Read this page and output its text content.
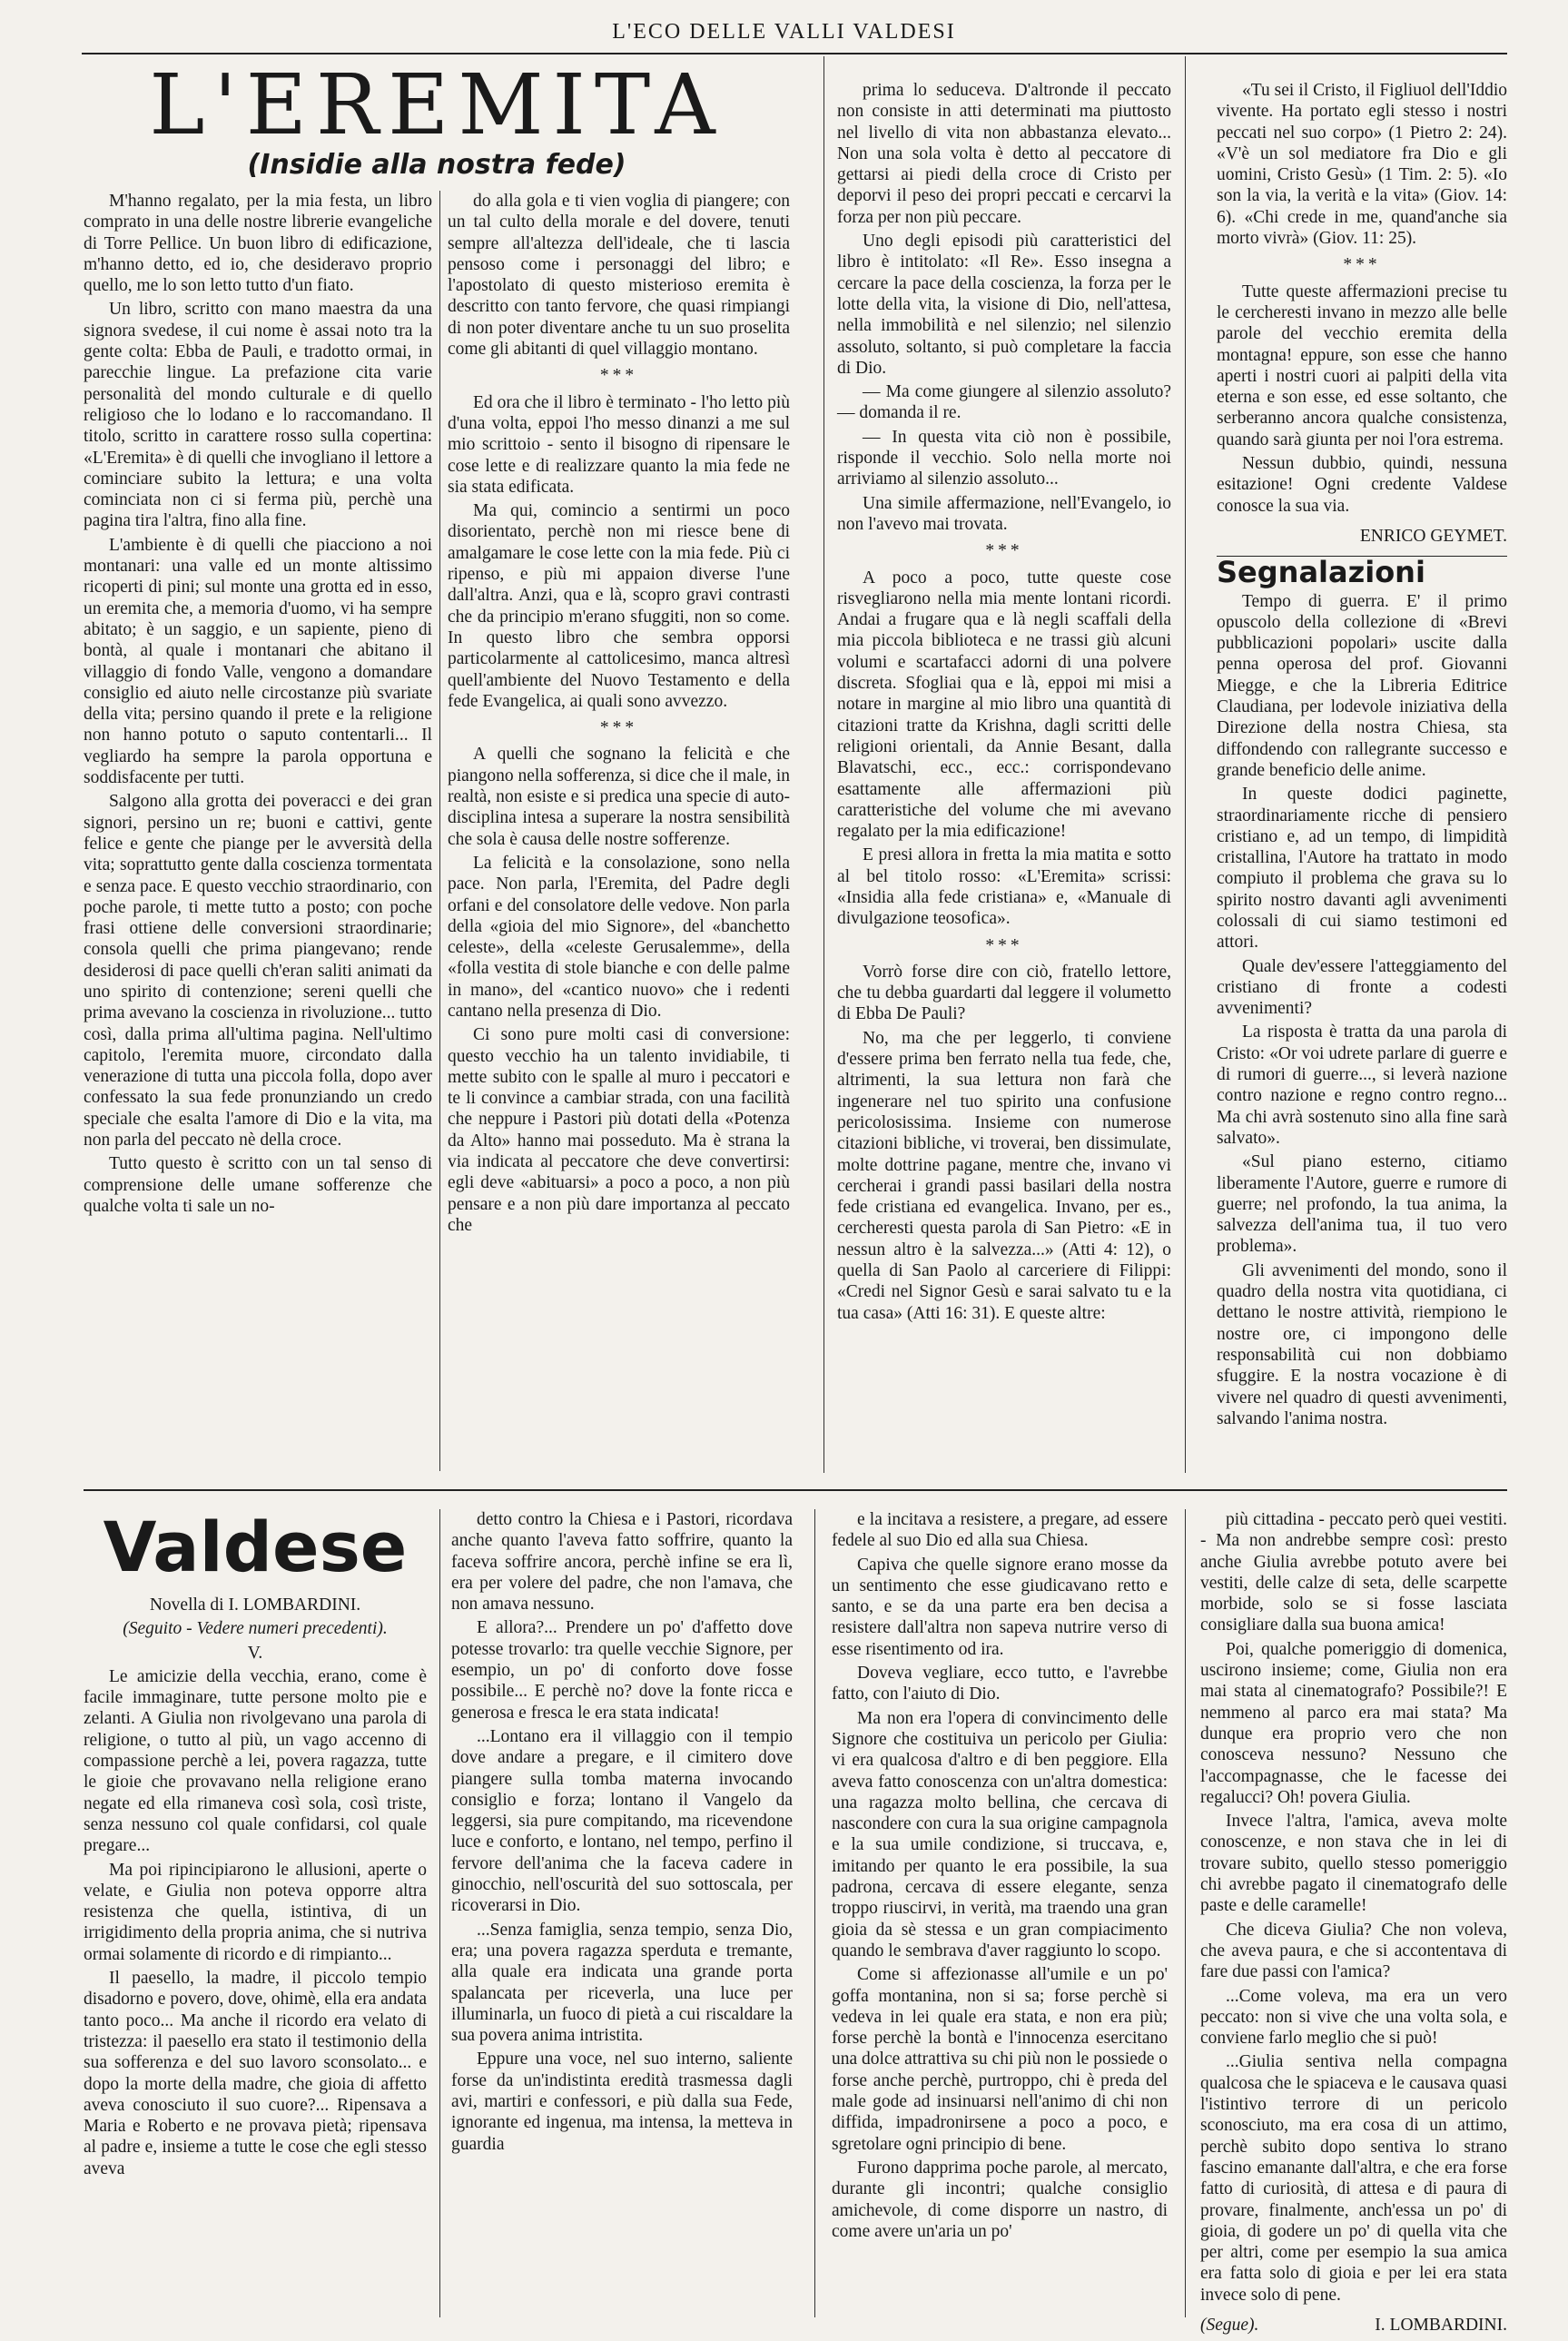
L'ECO DELLE VALLI VALDESI
L'EREMITA
(Insidie alla nostra fede)

M'hanno regalato, per la mia festa, un libro comprato in una delle nostre librerie evangeliche di Torre Pellice. Un buon libro di edificazione, m'hanno detto, ed io, che desideravo proprio quello, me lo son letto tutto d'un fiato.

Un libro, scritto con mano maestra da una signora svedese, il cui nome è assai noto tra la gente colta: Ebba de Pauli, e tradotto ormai, in parecchie lingue. La prefazione cita varie personalità del mondo culturale e di quello religioso che lo lodano e lo raccomandano. Il titolo, scritto in carattere rosso sulla copertina: «L'Eremita» è di quelli che invogliano il lettore a cominciare subito la lettura; e una volta cominciata non ci si ferma più, perchè una pagina tira l'altra, fino alla fine.

L'ambiente è di quelli che piacciono a noi montanari: una valle ed un monte altissimo ricoperti di pini; sul monte una grotta ed in esso, un eremita che, a memoria d'uomo, vi ha sempre abitato; è un saggio, e un sapiente, pieno di bontà, al quale i montanari che abitano il villaggio di fondo Valle, vengono a domandare consiglio ed aiuto nelle circostanze più svariate della vita; persino quando il prete e la religione non hanno potuto o saputo contentarli... Il vegliardo ha sempre la parola opportuna e soddisfacente per tutti.

Salgono alla grotta dei poveracci e dei gran signori, persino un re; buoni e cattivi, gente felice e gente che piange per le avversità della vita; soprattutto gente dalla coscienza tormentata e senza pace. E questo vecchio straordinario, con poche parole, ti mette tutto a posto; con poche frasi ottiene delle conversioni straordinarie; consola quelli che prima piangevano; rende desiderosi di pace quelli ch'eran saliti animati da uno spirito di contenzione; sereni quelli che prima avevano la coscienza in rivoluzione... tutto così, dalla prima all'ultima pagina. Nell'ultimo capitolo, l'eremita muore, circondato dalla venerazione di tutta una piccola folla, dopo aver confessato la sua fede pronunziando un credo speciale che esalta l'amore di Dio e la vita, ma non parla del peccato nè della croce.

Tutto questo è scritto con un tal senso di comprensione delle umane sofferenze che qualche volta ti sale un no-

do alla gola e ti vien voglia di piangere; con un tal culto della morale e del dovere, tenuti sempre all'altezza dell'ideale, che ti lascia pensoso come i personaggi del libro; e l'apostolato di questo misterioso eremita è descritto con tanto fervore, che quasi rimpiangi di non poter diventare anche tu un suo proselita come gli abitanti di quel villaggio montano.

***

Ed ora che il libro è terminato - l'ho letto più d'una volta, eppoi l'ho messo dinanzi a me sul mio scrittoio - sento il bisogno di ripensare le cose lette e di realizzare quanto la mia fede ne sia stata edificata.

Ma qui, comincio a sentirmi un poco disorientato, perchè non mi riesce bene di amalgamare le cose lette con la mia fede. Più ci ripenso, e più mi appaion diverse l'une dall'altra. Anzi, qua e là, scopro gravi contrasti che da principio m'erano sfuggiti, non so come. In questo libro che sembra opporsi particolarmente al cattolicesimo, manca altresì quell'ambiente del Nuovo Testamento e della fede Evangelica, ai quali sono avvezzo.

***

A quelli che sognano la felicità e che piangono nella sofferenza, si dice che il male, in realtà, non esiste e si predica una specie di auto-disciplina intesa a superare la nostra sensibilità che sola è causa delle nostre sofferenze.

La felicità e la consolazione, sono nella pace. Non parla, l'Eremita, del Padre degli orfani e del consolatore delle vedove. Non parla della «gioia del mio Signore», del «banchetto celeste», della «celeste Gerusalemme», della «folla vestita di stole bianche e con delle palme in mano», del «cantico nuovo» che i redenti cantano nella presenza di Dio.

Ci sono pure molti casi di conversione: questo vecchio ha un talento invidiabile, ti mette subito con le spalle al muro i peccatori e te li convince a cambiar strada, con una facilità che neppure i Pastori più dotati della «Potenza da Alto» hanno mai posseduto. Ma è strana la via indicata al peccatore che deve convertirsi: egli deve «abituarsi» a poco a poco, a non più pensare e a non più dare importanza al peccato che

prima lo seduceva. D'altronde il peccato non consiste in atti determinati ma piuttosto nel livello di vita non abbastanza elevato... Non una sola volta è detto al peccatore di gettarsi ai piedi della croce di Cristo per deporvi il peso dei propri peccati e cercarvi la forza per non più peccare.

Uno degli episodi più caratteristici del libro è intitolato: «Il Re». Esso insegna a cercare la pace della coscienza, la forza per le lotte della vita, la visione di Dio, nell'attesa, nella immobilità e nel silenzio; nel silenzio assoluto, soltanto, si può completare la faccia di Dio.

— Ma come giungere al silenzio assoluto? — domanda il re.

— In questa vita ciò non è possibile, risponde il vecchio. Solo nella morte noi arriviamo al silenzio assoluto...

Una simile affermazione, nell'Evangelo, io non l'avevo mai trovata.

***

A poco a poco, tutte queste cose risvegliarono nella mia mente lontani ricordi. Andai a frugare qua e là negli scaffali della mia piccola biblioteca e ne trassi giù alcuni volumi e scartafacci adorni di una polvere discreta. Sfogliai qua e là, eppoi mi misi a notare in margine al mio libro una quantità di citazioni tratte da Krishna, dagli scritti delle religioni orientali, da Annie Besant, dalla Blavatschi, ecc., ecc.: corrispondevano esattamente alle affermazioni più caratteristiche del volume che mi avevano regalato per la mia edificazione!

E presi allora in fretta la mia matita e sotto al bel titolo rosso: «L'Eremita» scrissi: «Insidia alla fede cristiana» e, «Manuale di divulgazione teosofica».

***

Vorrò forse dire con ciò, fratello lettore, che tu debba guardarti dal leggere il volumetto di Ebba De Pauli?

No, ma che per leggerlo, ti conviene d'essere prima ben ferrato nella tua fede, che, altrimenti, la sua lettura non farà che ingenerare nel tuo spirito una confusione pericolosissima. Insieme con numerose citazioni bibliche, vi troverai, ben dissimulate, molte dottrine pagane, mentre che, invano vi cercherai i grandi passi basilari della nostra fede cristiana ed evangelica. Invano, per es., cercheresti questa parola di San Pietro: «E in nessun altro è la salvezza...» (Atti 4: 12), o quella di San Paolo al carceriere di Filippi: «Credi nel Signor Gesù e sarai salvato tu e la tua casa» (Atti 16: 31). E queste altre:

«Tu sei il Cristo, il Figliuol dell'Iddio vivente. Ha portato egli stesso i nostri peccati nel suo corpo» (1 Pietro 2: 24). «V'è un sol mediatore fra Dio e gli uomini, Cristo Gesù» (1 Tim. 2: 5). «Io son la via, la verità e la vita» (Giov. 14: 6). «Chi crede in me, quand'anche sia morto vivrà» (Giov. 11: 25).

***

Tutte queste affermazioni precise tu le cercheresti invano in mezzo alle belle parole del vecchio eremita della montagna! eppure, son esse che hanno aperti i nostri cuori ai palpiti della vita eterna e son esse, ed esse soltanto, che serberanno ancora qualche consistenza, quando sarà giunta per noi l'ora estrema.

Nessun dubbio, quindi, nessuna esitazione! Ogni credente Valdese conosce la sua via.

ENRICO GEYMET.
Segnalazioni

Tempo di guerra. E' il primo opuscolo della collezione di «Brevi pubblicazioni popolari» uscite dalla penna operosa del prof. Giovanni Miegge, e che la Libreria Editrice Claudiana, per lodevole iniziativa della Direzione della nostra Chiesa, sta diffondendo con rallegrante successo e grande beneficio delle anime.

In queste dodici paginette, straordinariamente ricche di pensiero cristiano e, ad un tempo, di limpidità cristallina, l'Autore ha trattato in modo compiuto il problema che grava su lo spirito nostro davanti agli avvenimenti colossali di cui siamo testimoni ed attori.

Quale dev'essere l'atteggiamento del cristiano di fronte a codesti avvenimenti?

La risposta è tratta da una parola di Cristo: «Or voi udrete parlare di guerre e di rumori di guerre..., si leverà nazione contro nazione e regno contro regno... Ma chi avrà sostenuto sino alla fine sarà salvato».

«Sul piano esterno, citiamo liberamente l'Autore, guerre e rumore di guerre; nel profondo, la tua anima, la salvezza dell'anima tua, il tuo vero problema».

Gli avvenimenti del mondo, sono il quadro della nostra vita quotidiana, ci dettano le nostre attività, riempiono le nostre ore, ci impongono delle responsabilità cui non dobbiamo sfuggire. E la nostra vocazione è di vivere nel quadro di questi avvenimenti, salvando l'anima nostra.

Valdese

Novella di I. LOMBARDINI.

(Seguito - Vedere numeri precedenti).

V.

Le amicizie della vecchia, erano, come è facile immaginare, tutte persone molto pie e zelanti. A Giulia non rivolgevano una parola di religione, o tutto al più, un vago accenno di compassione perchè a lei, povera ragazza, tutte le gioie che provavano nella religione erano negate ed ella rimaneva così sola, così triste, senza nessuno col quale confidarsi, col quale pregare...

Ma poi ripincipiarono le allusioni, aperte o velate, e Giulia non poteva opporre altra resistenza che quella, istintiva, di un irrigidimento della propria anima, che si nutriva ormai solamente di ricordo e di rimpianto...

Il paesello, la madre, il piccolo tempio disadorno e povero, dove, ohimè, ella era andata tanto poco... Ma anche il ricordo era velato di tristezza: il paesello era stato il testimonio della sua sofferenza e del suo lavoro sconsolato... e dopo la morte della madre, che gioia di affetto aveva conosciuto il suo cuore?... Ripensava a Maria e Roberto e ne provava pietà; ripensava al padre e, insieme a tutte le cose che egli stesso aveva

detto contro la Chiesa e i Pastori, ricordava anche quanto l'aveva fatto soffrire, quanto la faceva soffrire ancora, perchè infine se era lì, era per volere del padre, che non l'amava, che non amava nessuno.

E allora?... Prendere un po' d'affetto dove potesse trovarlo: tra quelle vecchie Signore, per esempio, un po' di conforto dove fosse possibile... E perchè no? dove la fonte ricca e generosa e fresca le era stata indicata!

...Lontano era il villaggio con il tempio dove andare a pregare, e il cimitero dove piangere sulla tomba materna invocando consiglio e forza; lontano il Vangelo da leggersi, sia pure compitando, ma ricevendone luce e conforto, e lontano, nel tempo, perfino il fervore dell'anima che la faceva cadere in ginocchio, nell'oscurità del suo sottoscala, per ricoverarsi in Dio.

...Senza famiglia, senza tempio, senza Dio, era; una povera ragazza sperduta e tremante, alla quale era indicata una grande porta spalancata per riceverla, una luce per illuminarla, un fuoco di pietà a cui riscaldare la sua povera anima intristita.

Eppure una voce, nel suo interno, saliente forse da un'indistinta eredità trasmessa dagli avi, martiri e confessori, e più dalla sua Fede, ignorante ed ingenua, ma intensa, la metteva in guardia

e la incitava a resistere, a pregare, ad essere fedele al suo Dio ed alla sua Chiesa.

Capiva che quelle signore erano mosse da un sentimento che esse giudicavano retto e santo, e se da una parte era ben decisa a resistere dall'altra non sapeva nutrire verso di esse risentimento od ira.

Doveva vegliare, ecco tutto, e l'avrebbe fatto, con l'aiuto di Dio.

Ma non era l'opera di convincimento delle Signore che costituiva un pericolo per Giulia: vi era qualcosa d'altro e di ben peggiore. Ella aveva fatto conoscenza con un'altra domestica: una ragazza molto bellina, che cercava di nascondere con cura la sua origine campagnola e la sua umile condizione, si truccava, e, imitando per quanto le era possibile, la sua padrona, cercava di essere elegante, senza troppo riuscirvi, in verità, ma traendo una gran gioia da sè stessa e un gran compiacimento quando le sembrava d'aver raggiunto lo scopo.

Come si affezionasse all'umile e un po' goffa montanina, non si sa; forse perchè si vedeva in lei quale era stata, e non era più; forse perchè la bontà e l'innocenza esercitano una dolce attrattiva su chi più non le possiede o forse anche perchè, purtroppo, chi è preda del male gode ad insinuarsi nell'animo di chi non diffida, impadronirsene a poco a poco, e sgretolare ogni principio di bene.

Furono dapprima poche parole, al mercato, durante gli incontri; qualche consiglio amichevole, di come disporre un nastro, di come avere un'aria un po'

più cittadina - peccato però quei vestiti. - Ma non andrebbe sempre così: presto anche Giulia avrebbe potuto avere bei vestiti, delle calze di seta, delle scarpette morbide, solo se si fosse lasciata consigliare dalla sua buona amica!

Poi, qualche pomeriggio di domenica, uscirono insieme; come, Giulia non era mai stata al cinematografo? Possibile?! E nemmeno al parco era mai stata? Ma dunque era proprio vero che non conosceva nessuno? Nessuno che l'accompagnasse, che le facesse dei regalucci? Oh! povera Giulia.

Invece l'altra, l'amica, aveva molte conoscenze, e non stava che in lei di trovare subito, quello stesso pomeriggio chi avrebbe pagato il cinematografo delle paste e delle caramelle!

Che diceva Giulia? Che non voleva, che aveva paura, e che si accontentava di fare due passi con l'amica?

...Come voleva, ma era un vero peccato: non si vive che una volta sola, e conviene farlo meglio che si può!

...Giulia sentiva nella compagna qualcosa che le spiaceva e le causava quasi l'istintivo terrore di un pericolo sconosciuto, ma era cosa di un attimo, perchè subito dopo sentiva lo strano fascino emanante dall'altra, e che era forse fatto di curiosità, di attesa e di paura di provare, finalmente, anch'essa un po' di gioia, di godere un po' di quella vita che per altri, come per esempio la sua amica era fatta solo di gioia e per lei era stata invece solo di pene.

(Segue).	I. LOMBARDINI.
